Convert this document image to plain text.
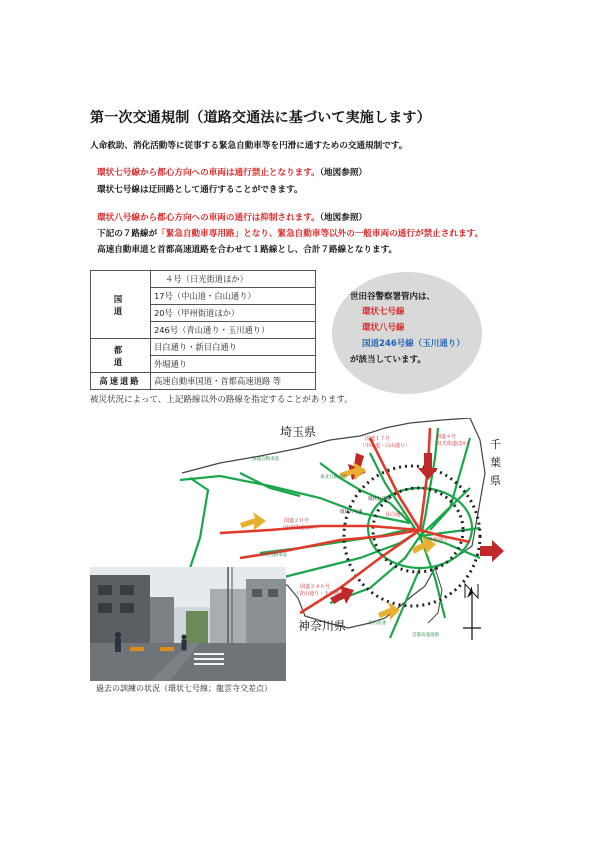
第一次交通規制（道路交通法に基づいて実施します）
人命救助、消化活動等に従事する緊急自動車等を円滑に通すための交通規制です。
環状七号線から都心方向への車両は通行禁止となります。（地図参照）
環状七号線は迂回路として通行することができます。
環状八号線から都心方向への車両の通行は抑制されます。（地図参照）
下記の７路線が「緊急自動車専用路」となり、緊急自動車等以外の一般車両の通行が禁止されます。
高速自動車道と首都高速道路を合わせて１路線とし、合計７路線となります。
国　道	４号（日光街道ほか）
	17号（中山道・白山通り）
	20号（甲州街道ほか）
	246号（青山通り・玉川通り）
都　道	目白通り・新目白通り
	外堀通り
高速道路	高速自動車国道・首都高速道路 等
被災状況によって、上記路線以外の路線を指定することがあります。
世田谷警察署管内は、
環状七号線
環状八号線
国道246号線（玉川通り）
が該当しています。
埼玉県
神奈川県
千
葉
県
国道１７号
（中山道・白山通り）
国道４号
（日光街道ほか）
国道２０号
（甲州街道ほか）
国道２４６号
（青山通り・玉川通り）
外堀通り
目白通り
関越自動車道
東北自動車道
中央自動車道
東名高速
首都高速道路
環状八号線
環状七号線
過去の訓練の状況（環状七号線；龍雲寺交差点）
